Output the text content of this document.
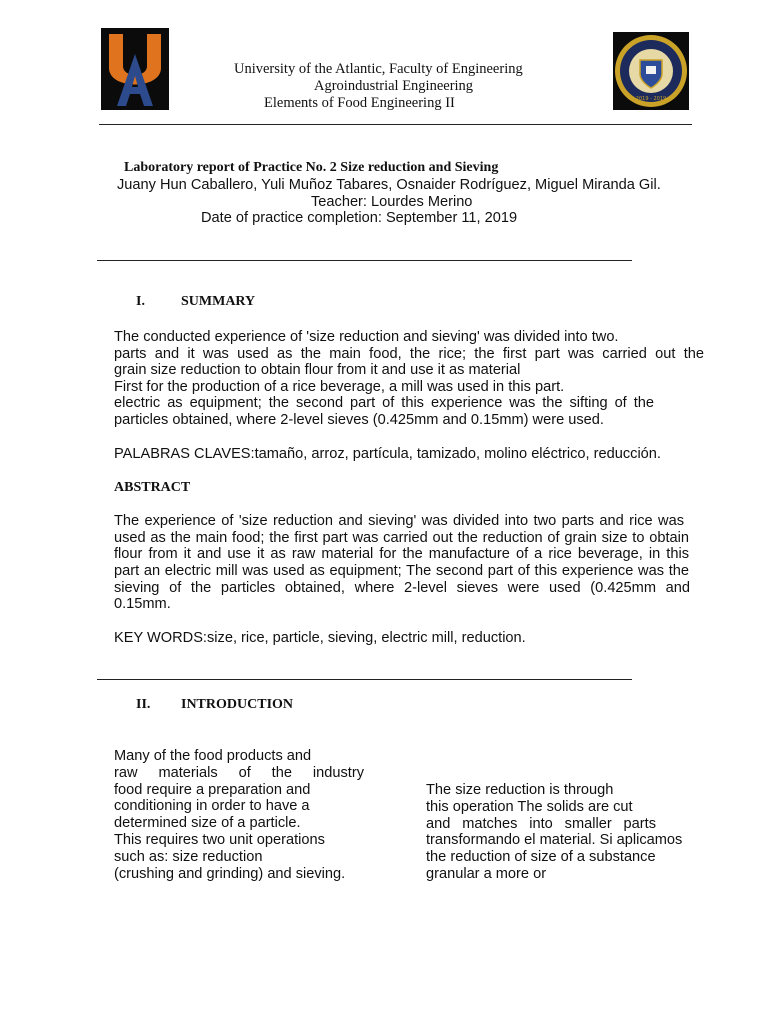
University of the Atlantic, Faculty of Engineering
Agroindustrial Engineering
Elements of Food Engineering II	2019 - 2019
Laboratory report of Practice No. 2 Size reduction and Sieving
Juany Hun Caballero, Yuli Muñoz Tabares, Osnaider Rodríguez, Miguel Miranda Gil.
Teacher: Lourdes Merino
Date of practice completion: September 11, 2019
I.	SUMMARY
The conducted experience of 'size reduction and sieving' was divided into two.
parts and it was used as the main food, the rice; the first part was carried out the
grain size reduction to obtain flour from it and use it as material
First for the production of a rice beverage, a mill was used in this part.
electric as equipment; the second part of this experience was the sifting of the
particles obtained, where 2-level sieves (0.425mm and 0.15mm) were used.
PALABRAS CLAVES:tamaño, arroz, partícula, tamizado, molino eléctrico, reducción.
ABSTRACT
The experience of 'size reduction and sieving' was divided into two parts and rice was
used as the main food; the first part was carried out the reduction of grain size to obtain
flour from it and use it as raw material for the manufacture of a rice beverage, in this
part an electric mill was used as equipment; The second part of this experience was the
sieving of the particles obtained, where 2-level sieves were used (0.425mm and
0.15mm.
KEY WORDS:size, rice, particle, sieving, electric mill, reduction.
II. INTRODUCTION
Many of the food products and
raw materials of the industry
food require a preparation and
conditioning in order to have a
determined size of a particle.
This requires two unit operations
such as: size reduction
(crushing and grinding) and sieving.
The size reduction is through
this operation The solids are cut
and matches into smaller parts
transformando el material. Si aplicamos
the reduction of size of a substance
granular a more or
